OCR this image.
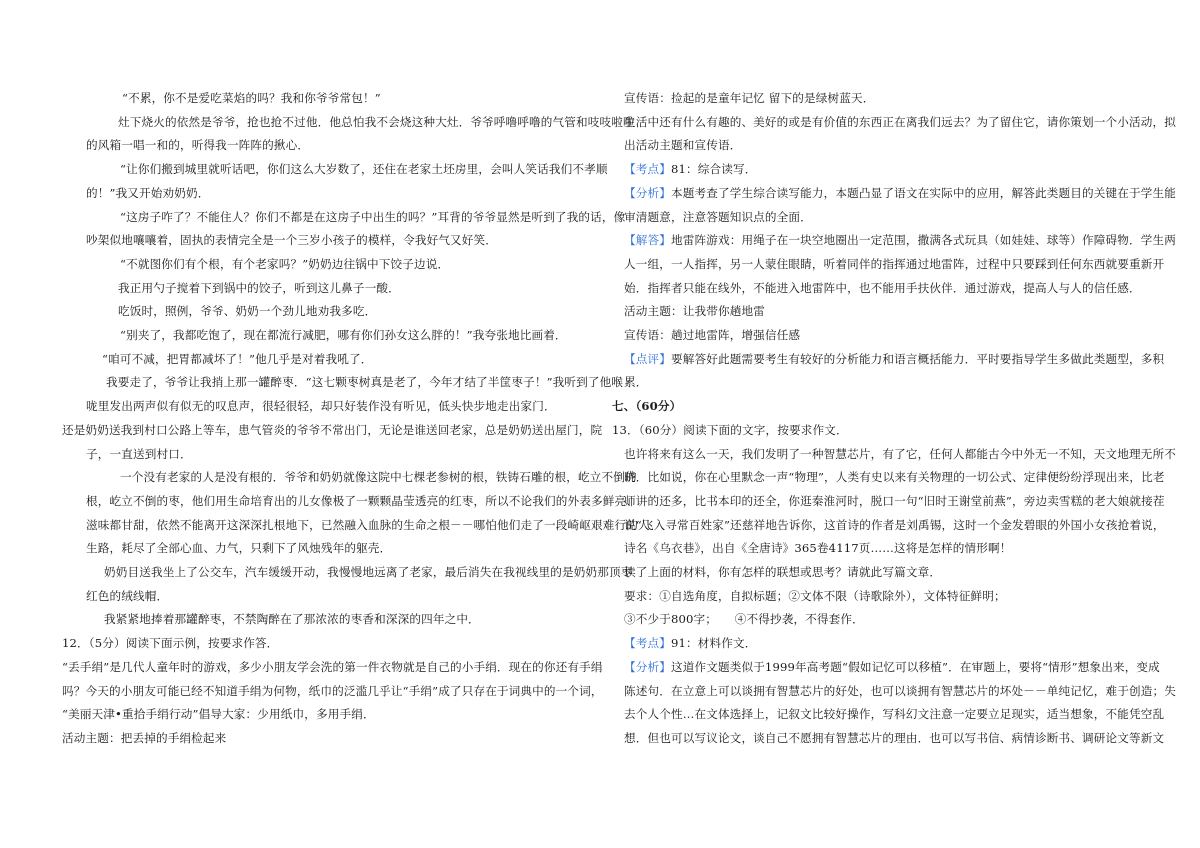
“不累，你不是爱吃菜焰的吗？我和你爷爷常包！”
灶下烧火的依然是爷爷，抢也抢不过他．他总怕我不会烧这种大灶．爷爷呼噜呼噜的气管和吱吱啦啦
的风箱一唱一和的，听得我一阵阵的揪心．
“让你们搬到城里就听话吧，你们这么大岁数了，还住在老家土坯房里，会叫人笑话我们不孝顺
的！”我又开始劝奶奶．
“这房子咋了？不能住人？你们不都是在这房子中出生的吗？”耳背的爷爷显然是听到了我的话，像
吵架似地嚷嚷着，固执的表情完全是一个三岁小孩子的模样，令我好气又好笑．
“不就图你们有个根，有个老家吗？”奶奶边往锅中下饺子边说．
我正用勺子搅着下到锅中的饺子，听到这儿鼻子一酸．
吃饭时，照例，爷爷、奶奶一个劲儿地劝我多吃．
“别夹了，我都吃饱了，现在都流行减肥，哪有你们孙女这么胖的！”我夸张地比画着．
“咱可不减，把胃都减坏了！”他几乎是对着我吼了．
我要走了，爷爷让我捎上那一罐醉枣．“这七颗枣树真是老了，今年才结了半筐枣子！”我听到了他喉
咙里发出两声似有似无的叹息声，很轻很轻，却只好装作没有听见，低头快步地走出家门．
还是奶奶送我到村口公路上等车，患气管炎的爷爷不常出门，无论是谁送回老家，总是奶奶送出屋门，院
子，一直送到村口．
一个没有老家的人是没有根的．爷爷和奶奶就像这院中七棵老参树的根，铁铸石雕的根，屹立不倒的
根，屹立不倒的枣，他们用生命培育出的儿女像极了一颗颗晶莹透亮的红枣，所以不论我们的外表多鲜亮、
滋味都甘甜，依然不能离开这深深扎根地下，已然融入血脉的生命之根－－哪怕他们走了一段崎岖艰难行的人
生路，耗尽了全部心血、力气，只剩下了风烛残年的躯壳．
奶奶目送我坐上了公交车，汽车缓缓开动，我慢慢地远离了老家，最后消失在我视线里的是奶奶那顶枣
红色的绒线帽．
我紧紧地捧着那罐醉枣，不禁陶醉在了那浓浓的枣香和深深的四年之中．
12．（5分）阅读下面示例，按要求作答．
“丢手绢”是几代人童年时的游戏，多少小朋友学会洗的第一件衣物就是自己的小手绢．现在的你还有手绢
吗？今天的小朋友可能已经不知道手绢为何物，纸巾的泛滥几乎让“手绢”成了只存在于词典中的一个词，
“美丽天津•重拾手绢行动”倡导大家：少用纸巾，多用手绢．
活动主题：把丢掉的手绢检起来
宣传语：捡起的是童年记忆 留下的是绿树蓝天．
生活中还有什么有趣的、美好的或是有价值的东西正在离我们远去？为了留住它，请你策划一个小活动，拟
出活动主题和宣传语．
【考点】81：综合读写．
【分析】本题考查了学生综合读写能力，本题凸显了语文在实际中的应用，解答此类题目的关键在于学生能
审清题意，注意答题知识点的全面．
【解答】地雷阵游戏：用绳子在一块空地圈出一定范围，撒满各式玩具（如娃娃、球等）作障碍物．学生两
人一组，一人指挥，另一人蒙住眼睛，听着同伴的指挥通过地雷阵，过程中只要踩到任何东西就要重新开
始．指挥者只能在线外，不能进入地雷阵中，也不能用手扶伙伴．通过游戏，提高人与人的信任感．
活动主题：让我带你趟地雷
宣传语：趟过地雷阵，增强信任感
【点评】要解答好此题需要考生有较好的分析能力和语言概括能力．平时要指导学生多做此类题型，多积
累．
七、（60分）
13．（60分）阅读下面的文字，按要求作文．
也许将来有这么一天，我们发明了一种智慧芯片，有了它，任何人都能古今中外无一不知，天文地理无所不
晓．比如说，你在心里默念一声“物理”，人类有史以来有关物理的一切公式、定律便纷纷浮现出来，比老
师讲的还多，比书本印的还全，你逛秦淮河时，脱口一句“旧时王谢堂前燕”，旁边卖雪糕的老大娘就接茬
说“飞入寻常百姓家”还慈祥地告诉你，这首诗的作者是刘禹锡，这时一个金发碧眼的外国小女孩抢着说，
诗名《乌衣巷》，出自《全唐诗》365卷4117页……这将是怎样的情形啊！
读了上面的材料，你有怎样的联想或思考？请就此写篇文章．
要求：①自选角度，自拟标题；②文体不限（诗歌除外），文体特征鲜明；
③不少于800字；　　④不得抄袭，不得套作．
【考点】91：材料作文．
【分析】这道作文题类似于1999年高考题“假如记忆可以移植”．在审题上，要将“情形”想象出来，变成
陈述句．在立意上可以谈拥有智慧芯片的好处，也可以谈拥有智慧芯片的坏处－－单纯记忆，难于创造；失
去个人个性…在文体选择上，记叙文比较好操作，写科幻文注意一定要立足现实，适当想象，不能凭空乱
想．但也可以写议论文，谈自己不愿拥有智慧芯片的理由．也可以写书信、病情诊断书、调研论文等新文
